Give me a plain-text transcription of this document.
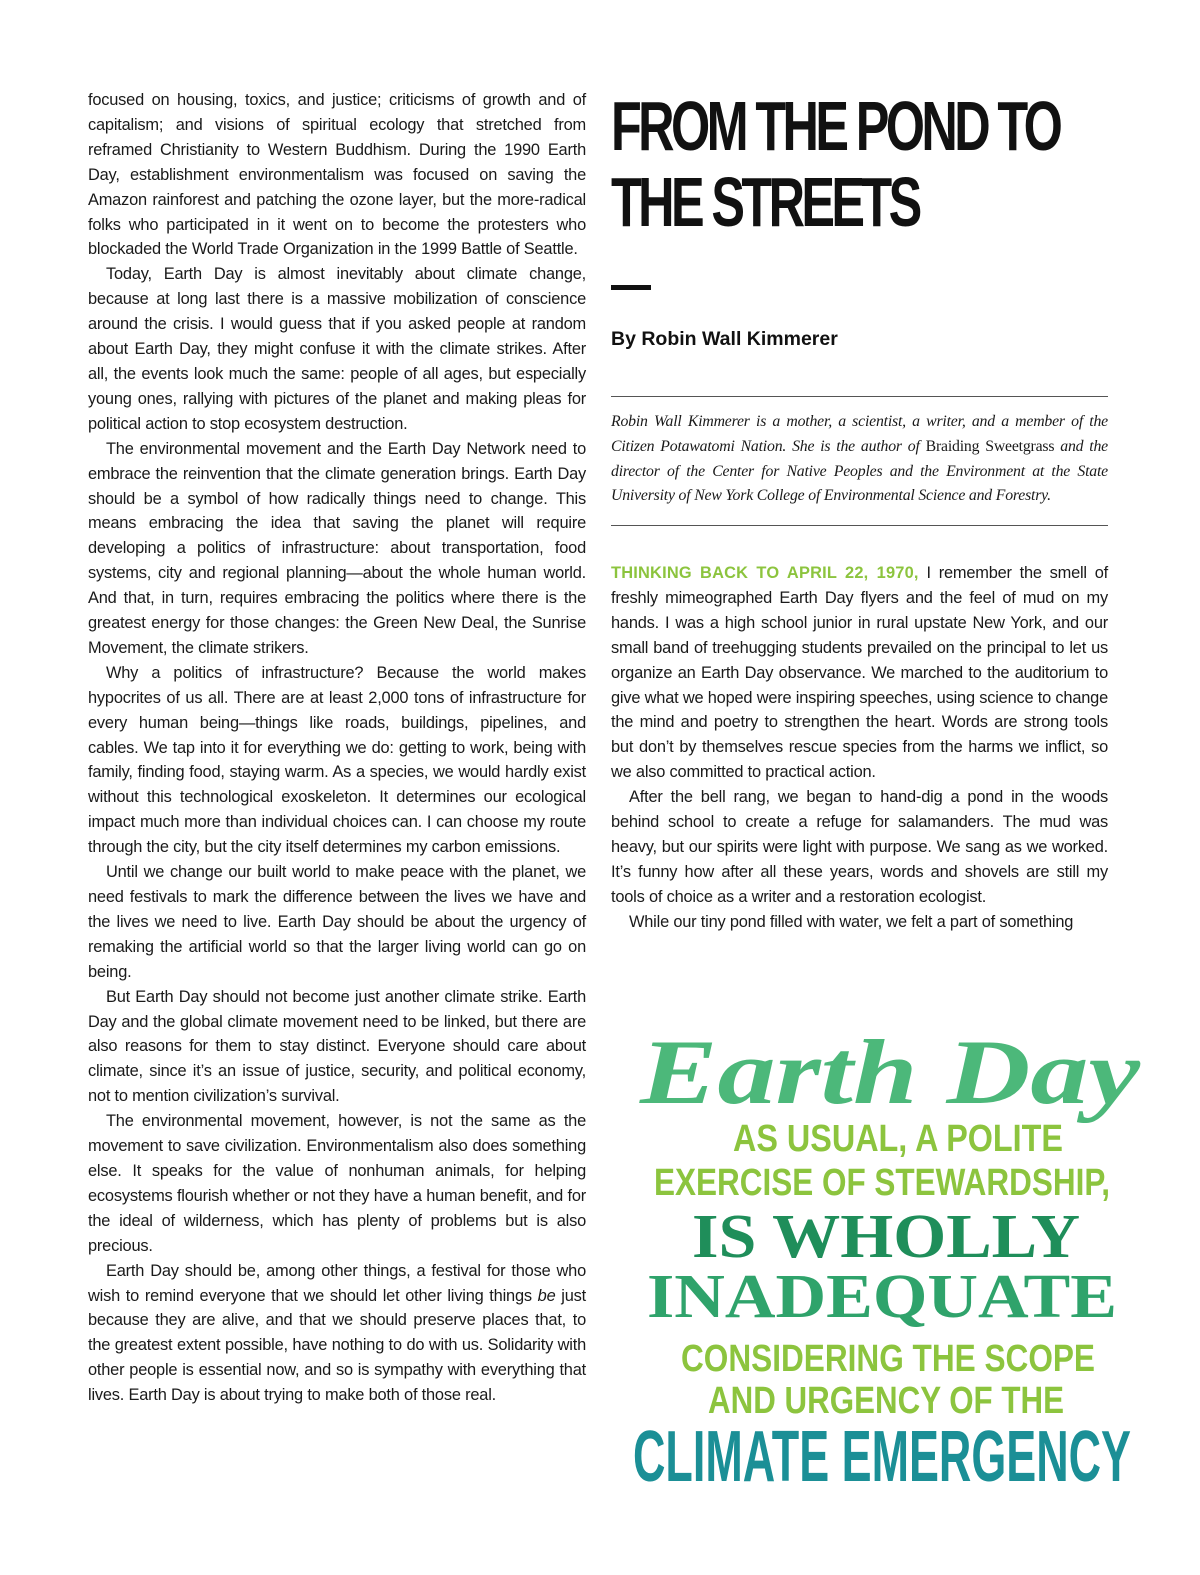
focused on housing, toxics, and justice; criticisms of growth and of capitalism; and visions of spiritual ecology that stretched from reframed Christianity to Western Buddhism. During the 1990 Earth Day, establishment environmentalism was focused on saving the Amazon rainforest and patching the ozone layer, but the more-radical folks who participated in it went on to become the protesters who blockaded the World Trade Organization in the 1999 Battle of Seattle.

Today, Earth Day is almost inevitably about climate change, because at long last there is a massive mobilization of conscience around the crisis. I would guess that if you asked people at random about Earth Day, they might confuse it with the climate strikes. After all, the events look much the same: people of all ages, but especially young ones, rallying with pictures of the planet and making pleas for political action to stop ecosystem destruction.

The environmental movement and the Earth Day Network need to embrace the reinvention that the climate generation brings. Earth Day should be a symbol of how radically things need to change. This means embracing the idea that saving the planet will require developing a politics of infrastructure: about transportation, food systems, city and regional planning—about the whole human world. And that, in turn, requires embracing the politics where there is the greatest energy for those changes: the Green New Deal, the Sunrise Movement, the climate strikers.

Why a politics of infrastructure? Because the world makes hypocrites of us all. There are at least 2,000 tons of infrastructure for every human being—things like roads, buildings, pipelines, and cables. We tap into it for everything we do: getting to work, being with family, finding food, staying warm. As a species, we would hardly exist without this technological exoskeleton. It determines our ecological impact much more than individual choices can. I can choose my route through the city, but the city itself determines my carbon emissions.

Until we change our built world to make peace with the planet, we need festivals to mark the difference between the lives we have and the lives we need to live. Earth Day should be about the urgency of remaking the artificial world so that the larger living world can go on being.

But Earth Day should not become just another climate strike. Earth Day and the global climate movement need to be linked, but there are also reasons for them to stay distinct. Everyone should care about climate, since it’s an issue of justice, security, and political economy, not to mention civilization’s survival.

The environmental movement, however, is not the same as the movement to save civilization. Environmentalism also does something else. It speaks for the value of nonhuman animals, for helping ecosystems flourish whether or not they have a human benefit, and for the ideal of wilderness, which has plenty of problems but is also precious.

Earth Day should be, among other things, a festival for those who wish to remind everyone that we should let other living things be just because they are alive, and that we should preserve places that, to the greatest extent possible, have nothing to do with us. Solidarity with other people is essential now, and so is sympathy with everything that lives. Earth Day is about trying to make both of those real.

FROM THE POND TO
THE STREETS
By Robin Wall Kimmerer
Robin Wall Kimmerer is a mother, a scientist, a writer, and a member of the Citizen Potawatomi Nation. She is the author of Braiding Sweetgrass and the director of the Center for Native Peoples and the Environment at the State University of New York College of Environmental Science and Forestry.

THINKING BACK TO APRIL 22, 1970, I remember the smell of freshly mimeographed Earth Day flyers and the feel of mud on my hands. I was a high school junior in rural upstate New York, and our small band of treehugging students prevailed on the principal to let us organize an Earth Day observance. We marched to the auditorium to give what we hoped were inspiring speeches, using science to change the mind and poetry to strengthen the heart. Words are strong tools but don’t by themselves rescue species from the harms we inflict, so we also committed to practical action.

After the bell rang, we began to hand-dig a pond in the woods behind school to create a refuge for salamanders. The mud was heavy, but our spirits were light with purpose. We sang as we worked. It’s funny how after all these years, words and shovels are still my tools of choice as a writer and a restoration ecologist.

While our tiny pond filled with water, we felt a part of something

Earth Day
AS USUAL, A POLITE
EXERCISE OF STEWARDSHIP,
IS WHOLLY
INADEQUATE
CONSIDERING THE SCOPE
AND URGENCY OF THE
CLIMATE EMERGENCY
